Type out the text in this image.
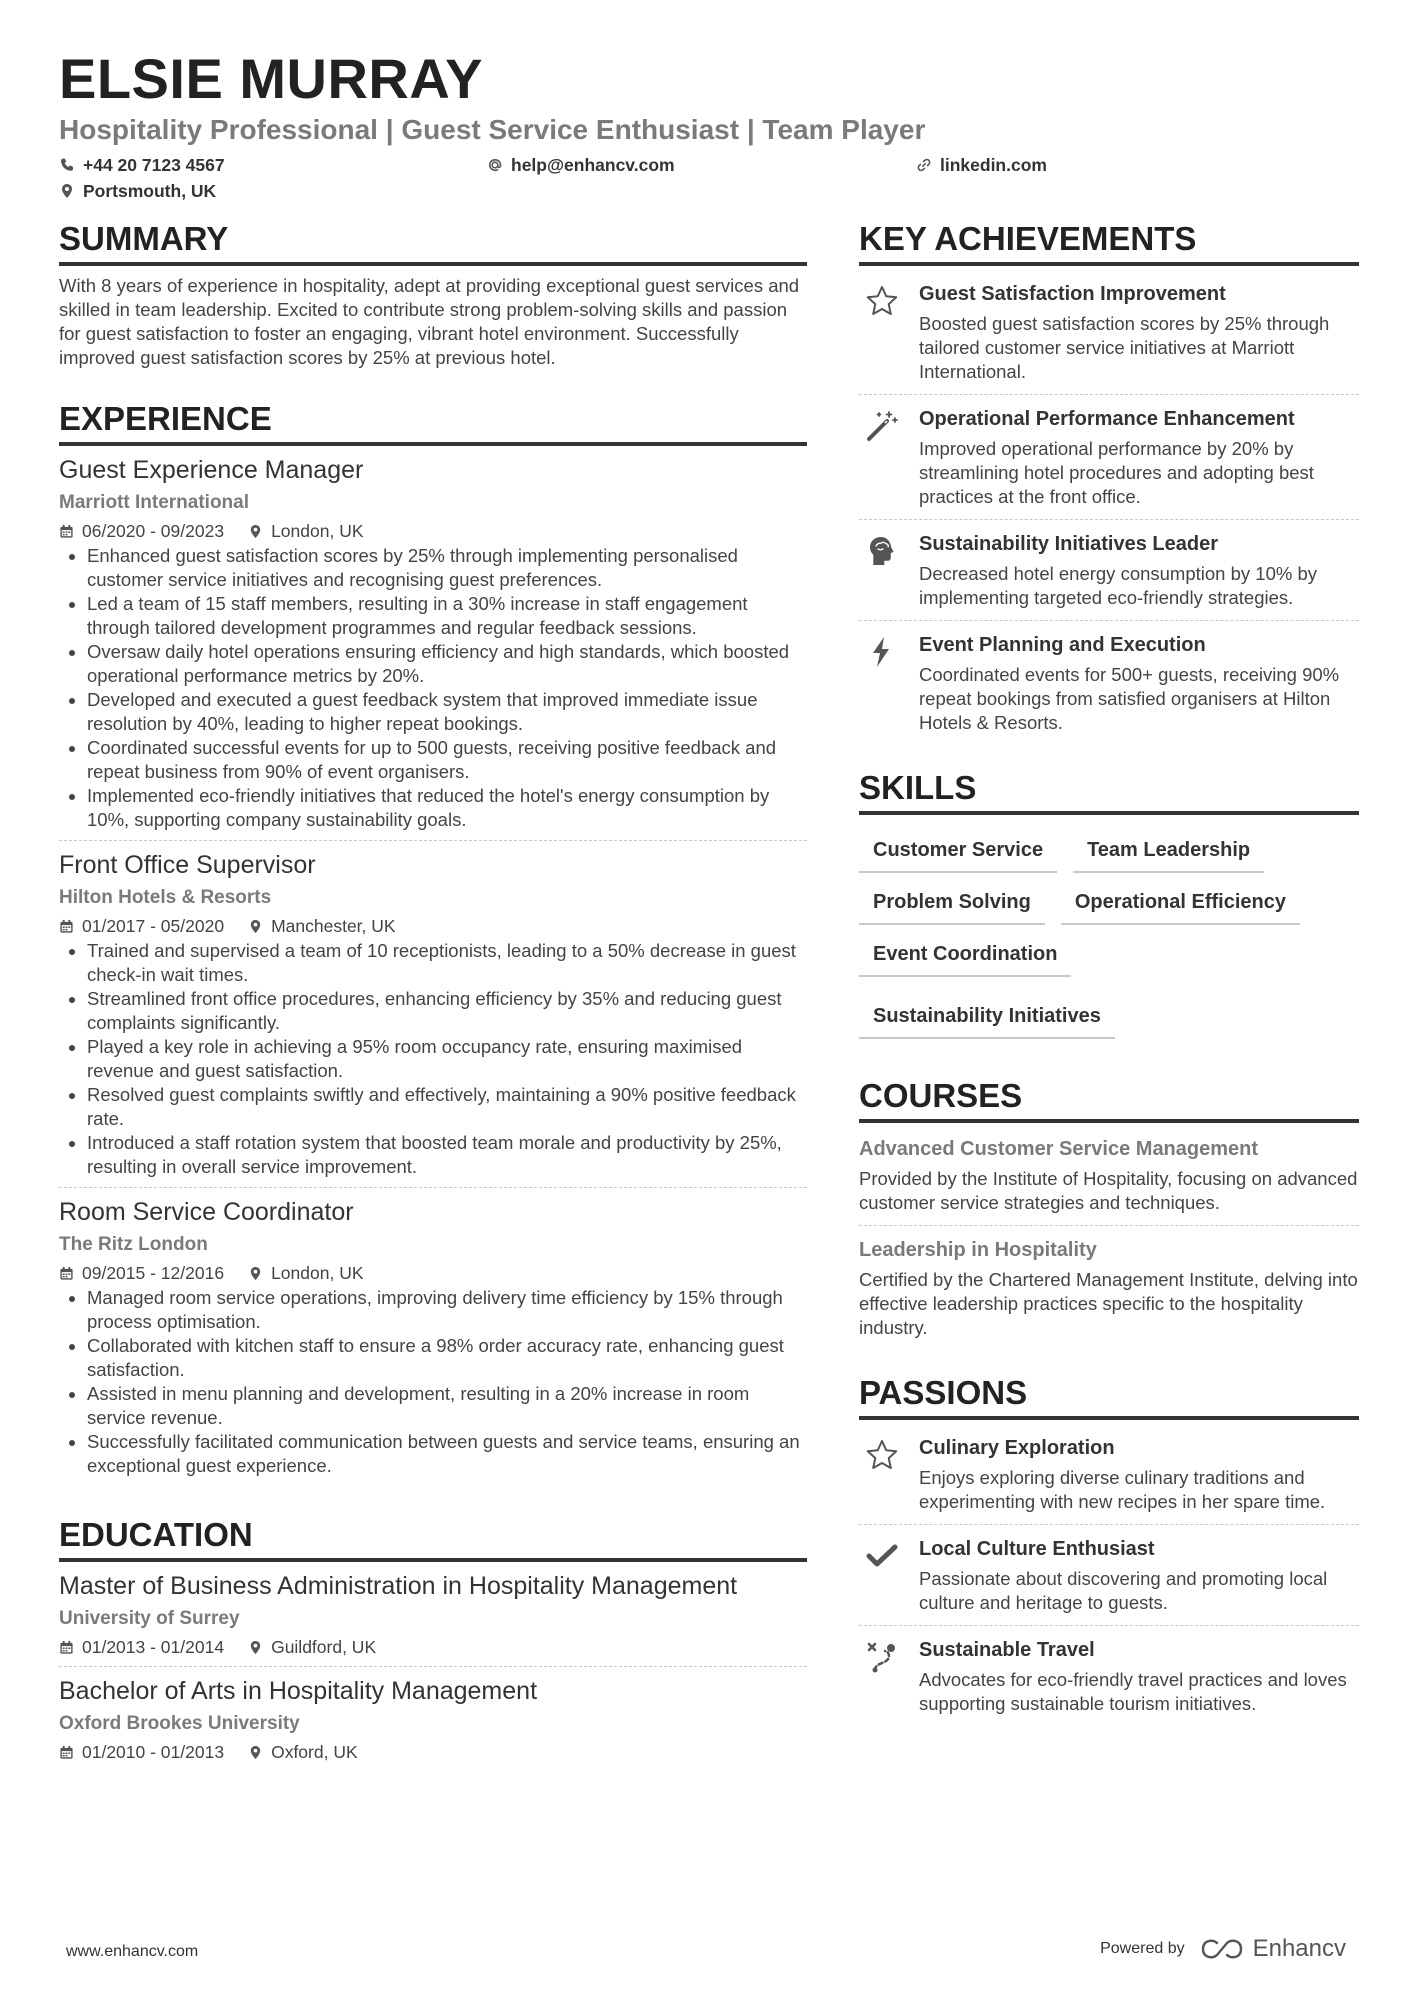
ELSIE MURRAY
Hospitality Professional | Guest Service Enthusiast | Team Player
+44 20 7123 4567	help@enhancv.com	linkedin.com
Portsmouth, UK
SUMMARY
With 8 years of experience in hospitality, adept at providing exceptional guest services and skilled in team leadership. Excited to contribute strong problem-solving skills and passion for guest satisfaction to foster an engaging, vibrant hotel environment. Successfully improved guest satisfaction scores by 25% at previous hotel.
EXPERIENCE
Guest Experience Manager
Marriott International
06/2020 - 09/2023	London, UK
• Enhanced guest satisfaction scores by 25% through implementing personalised customer service initiatives and recognising guest preferences.
• Led a team of 15 staff members, resulting in a 30% increase in staff engagement through tailored development programmes and regular feedback sessions.
• Oversaw daily hotel operations ensuring efficiency and high standards, which boosted operational performance metrics by 20%.
• Developed and executed a guest feedback system that improved immediate issue resolution by 40%, leading to higher repeat bookings.
• Coordinated successful events for up to 500 guests, receiving positive feedback and repeat business from 90% of event organisers.
• Implemented eco-friendly initiatives that reduced the hotel's energy consumption by 10%, supporting company sustainability goals.
Front Office Supervisor
Hilton Hotels & Resorts
01/2017 - 05/2020	Manchester, UK
• Trained and supervised a team of 10 receptionists, leading to a 50% decrease in guest check-in wait times.
• Streamlined front office procedures, enhancing efficiency by 35% and reducing guest complaints significantly.
• Played a key role in achieving a 95% room occupancy rate, ensuring maximised revenue and guest satisfaction.
• Resolved guest complaints swiftly and effectively, maintaining a 90% positive feedback rate.
• Introduced a staff rotation system that boosted team morale and productivity by 25%, resulting in overall service improvement.
Room Service Coordinator
The Ritz London
09/2015 - 12/2016	London, UK
• Managed room service operations, improving delivery time efficiency by 15% through process optimisation.
• Collaborated with kitchen staff to ensure a 98% order accuracy rate, enhancing guest satisfaction.
• Assisted in menu planning and development, resulting in a 20% increase in room service revenue.
• Successfully facilitated communication between guests and service teams, ensuring an exceptional guest experience.
EDUCATION
Master of Business Administration in Hospitality Management
University of Surrey
01/2013 - 01/2014	Guildford, UK
Bachelor of Arts in Hospitality Management
Oxford Brookes University
01/2010 - 01/2013	Oxford, UK
KEY ACHIEVEMENTS
Guest Satisfaction Improvement
Boosted guest satisfaction scores by 25% through tailored customer service initiatives at Marriott International.
Operational Performance Enhancement
Improved operational performance by 20% by streamlining hotel procedures and adopting best practices at the front office.
Sustainability Initiatives Leader
Decreased hotel energy consumption by 10% by implementing targeted eco-friendly strategies.
Event Planning and Execution
Coordinated events for 500+ guests, receiving 90% repeat bookings from satisfied organisers at Hilton Hotels & Resorts.
SKILLS
Customer Service	Team Leadership
Problem Solving	Operational Efficiency
Event Coordination
Sustainability Initiatives
COURSES
Advanced Customer Service Management
Provided by the Institute of Hospitality, focusing on advanced customer service strategies and techniques.
Leadership in Hospitality
Certified by the Chartered Management Institute, delving into effective leadership practices specific to the hospitality industry.
PASSIONS
Culinary Exploration
Enjoys exploring diverse culinary traditions and experimenting with new recipes in her spare time.
Local Culture Enthusiast
Passionate about discovering and promoting local culture and heritage to guests.
Sustainable Travel
Advocates for eco-friendly travel practices and loves supporting sustainable tourism initiatives.
www.enhancv.com	Powered by	Enhancv
